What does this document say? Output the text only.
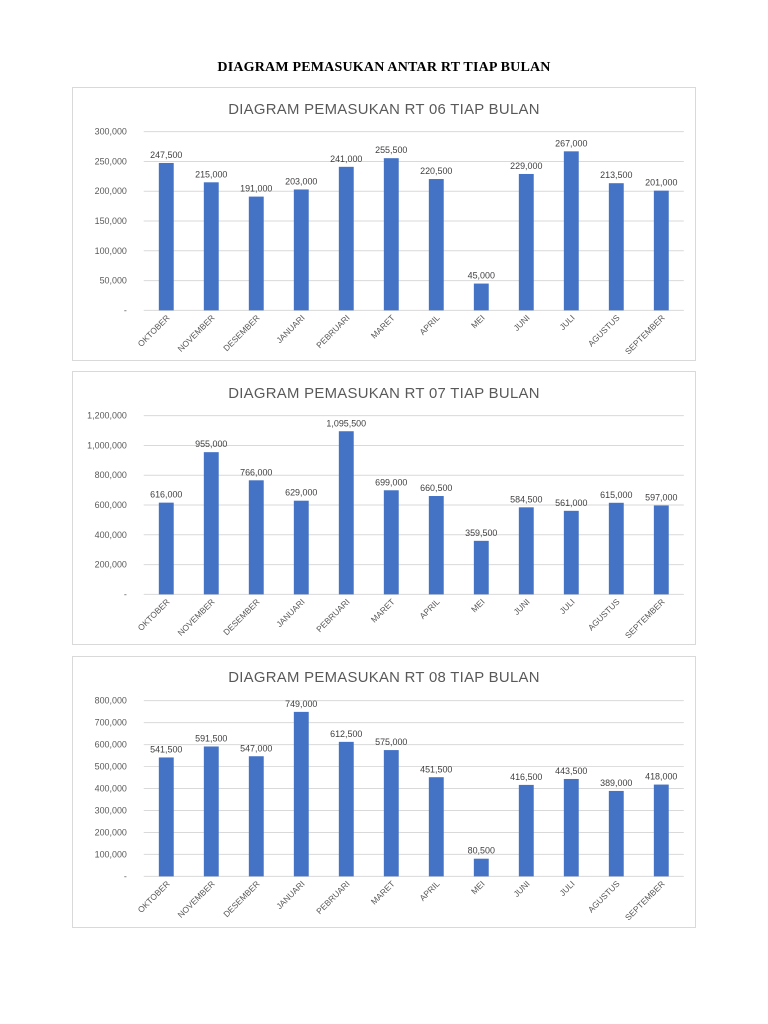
DIAGRAM PEMASUKAN ANTAR RT TIAP BULAN
DIAGRAM PEMASUKAN RT 06 TIAP BULAN
-
50,000
100,000
150,000
200,000
250,000
300,000
247,500
OKTOBER
215,000
NOVEMBER
191,000
DESEMBER
203,000
JANUARI
241,000
PEBRUARI
255,500
MARET
220,500
APRIL
45,000
MEI
229,000
JUNI
267,000
JULI
213,500
AGUSTUS
201,000
SEPTEMBER
DIAGRAM PEMASUKAN RT 07 TIAP BULAN
-
200,000
400,000
600,000
800,000
1,000,000
1,200,000
616,000
OKTOBER
955,000
NOVEMBER
766,000
DESEMBER
629,000
JANUARI
1,095,500
PEBRUARI
699,000
MARET
660,500
APRIL
359,500
MEI
584,500
JUNI
561,000
JULI
615,000
AGUSTUS
597,000
SEPTEMBER
DIAGRAM PEMASUKAN RT 08 TIAP BULAN
-
100,000
200,000
300,000
400,000
500,000
600,000
700,000
800,000
541,500
OKTOBER
591,500
NOVEMBER
547,000
DESEMBER
749,000
JANUARI
612,500
PEBRUARI
575,000
MARET
451,500
APRIL
80,500
MEI
416,500
JUNI
443,500
JULI
389,000
AGUSTUS
418,000
SEPTEMBER
